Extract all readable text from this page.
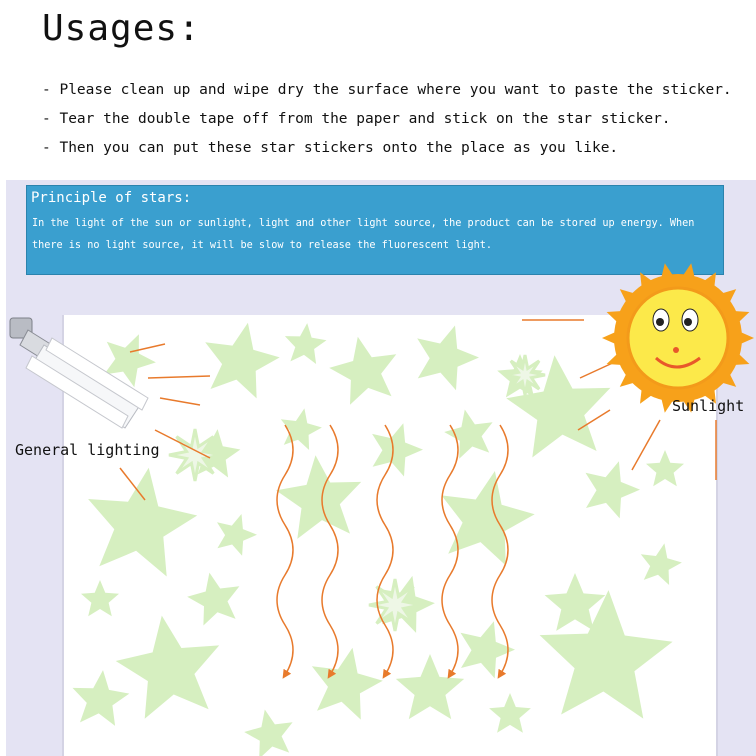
Usages:
- Please clean up and wipe dry the surface where you want to paste the sticker.
- Tear the double tape off from the paper and stick on the star sticker.
- Then you can put these star stickers onto the place as you like.
Principle of stars:
In the light of the sun or sunlight, light and other light source, the product can be stored up energy. When there is no light source, it will be slow to release the fluorescent light.
General lighting
Sunlight
